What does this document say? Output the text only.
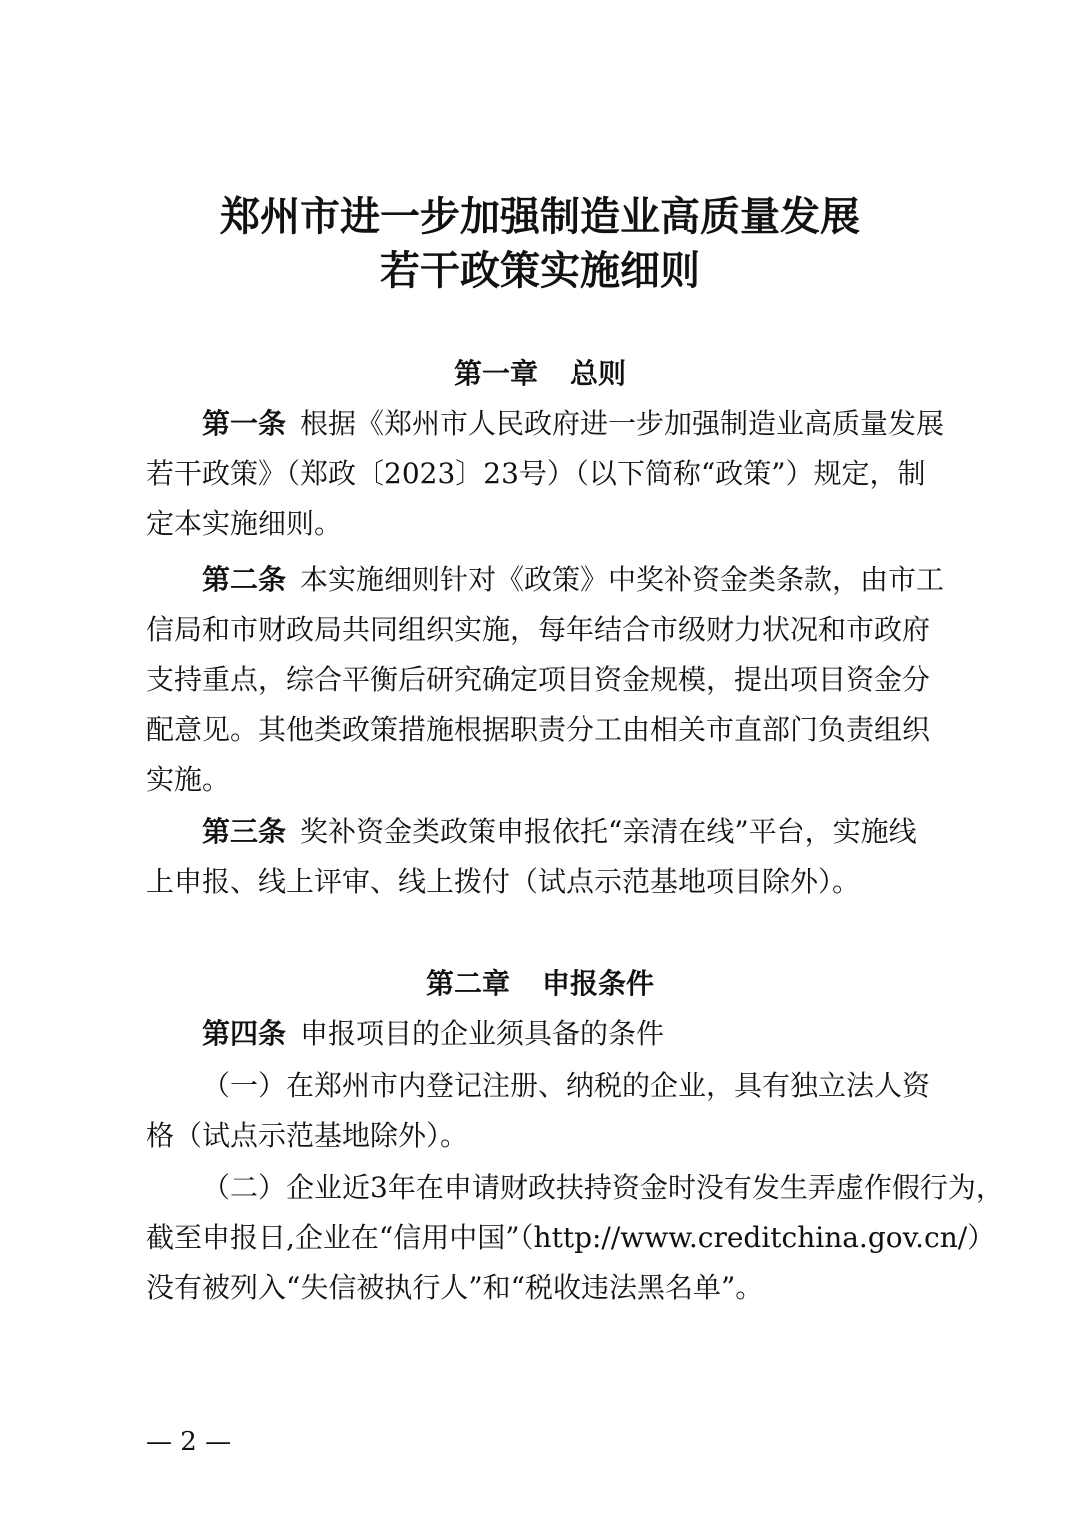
郑州市进一步加强制造业高质量发展
若干政策实施细则
第一章 总则
第一条 根据《郑州市人民政府进一步加强制造业高质量发展
若干政策》（郑政〔2023〕23号）（以下简称“政策”）规定，制
定本实施细则。
第二条 本实施细则针对《政策》中奖补资金类条款，由市工
信局和市财政局共同组织实施，每年结合市级财力状况和市政府
支持重点，综合平衡后研究确定项目资金规模，提出项目资金分
配意见。其他类政策措施根据职责分工由相关市直部门负责组织
实施。
第三条 奖补资金类政策申报依托“亲清在线”平台，实施线
上申报、线上评审、线上拨付（试点示范基地项目除外）。
第二章 申报条件
第四条 申报项目的企业须具备的条件
（一）在郑州市内登记注册、纳税的企业，具有独立法人资
格（试点示范基地除外）。
（二）企业近3年在申请财政扶持资金时没有发生弄虚作假行为，
截至申报日,企业在“信用中国”（http://www.creditchina.gov.cn/）
没有被列入“失信被执行人”和“税收违法黑名单”。
— 2 —
